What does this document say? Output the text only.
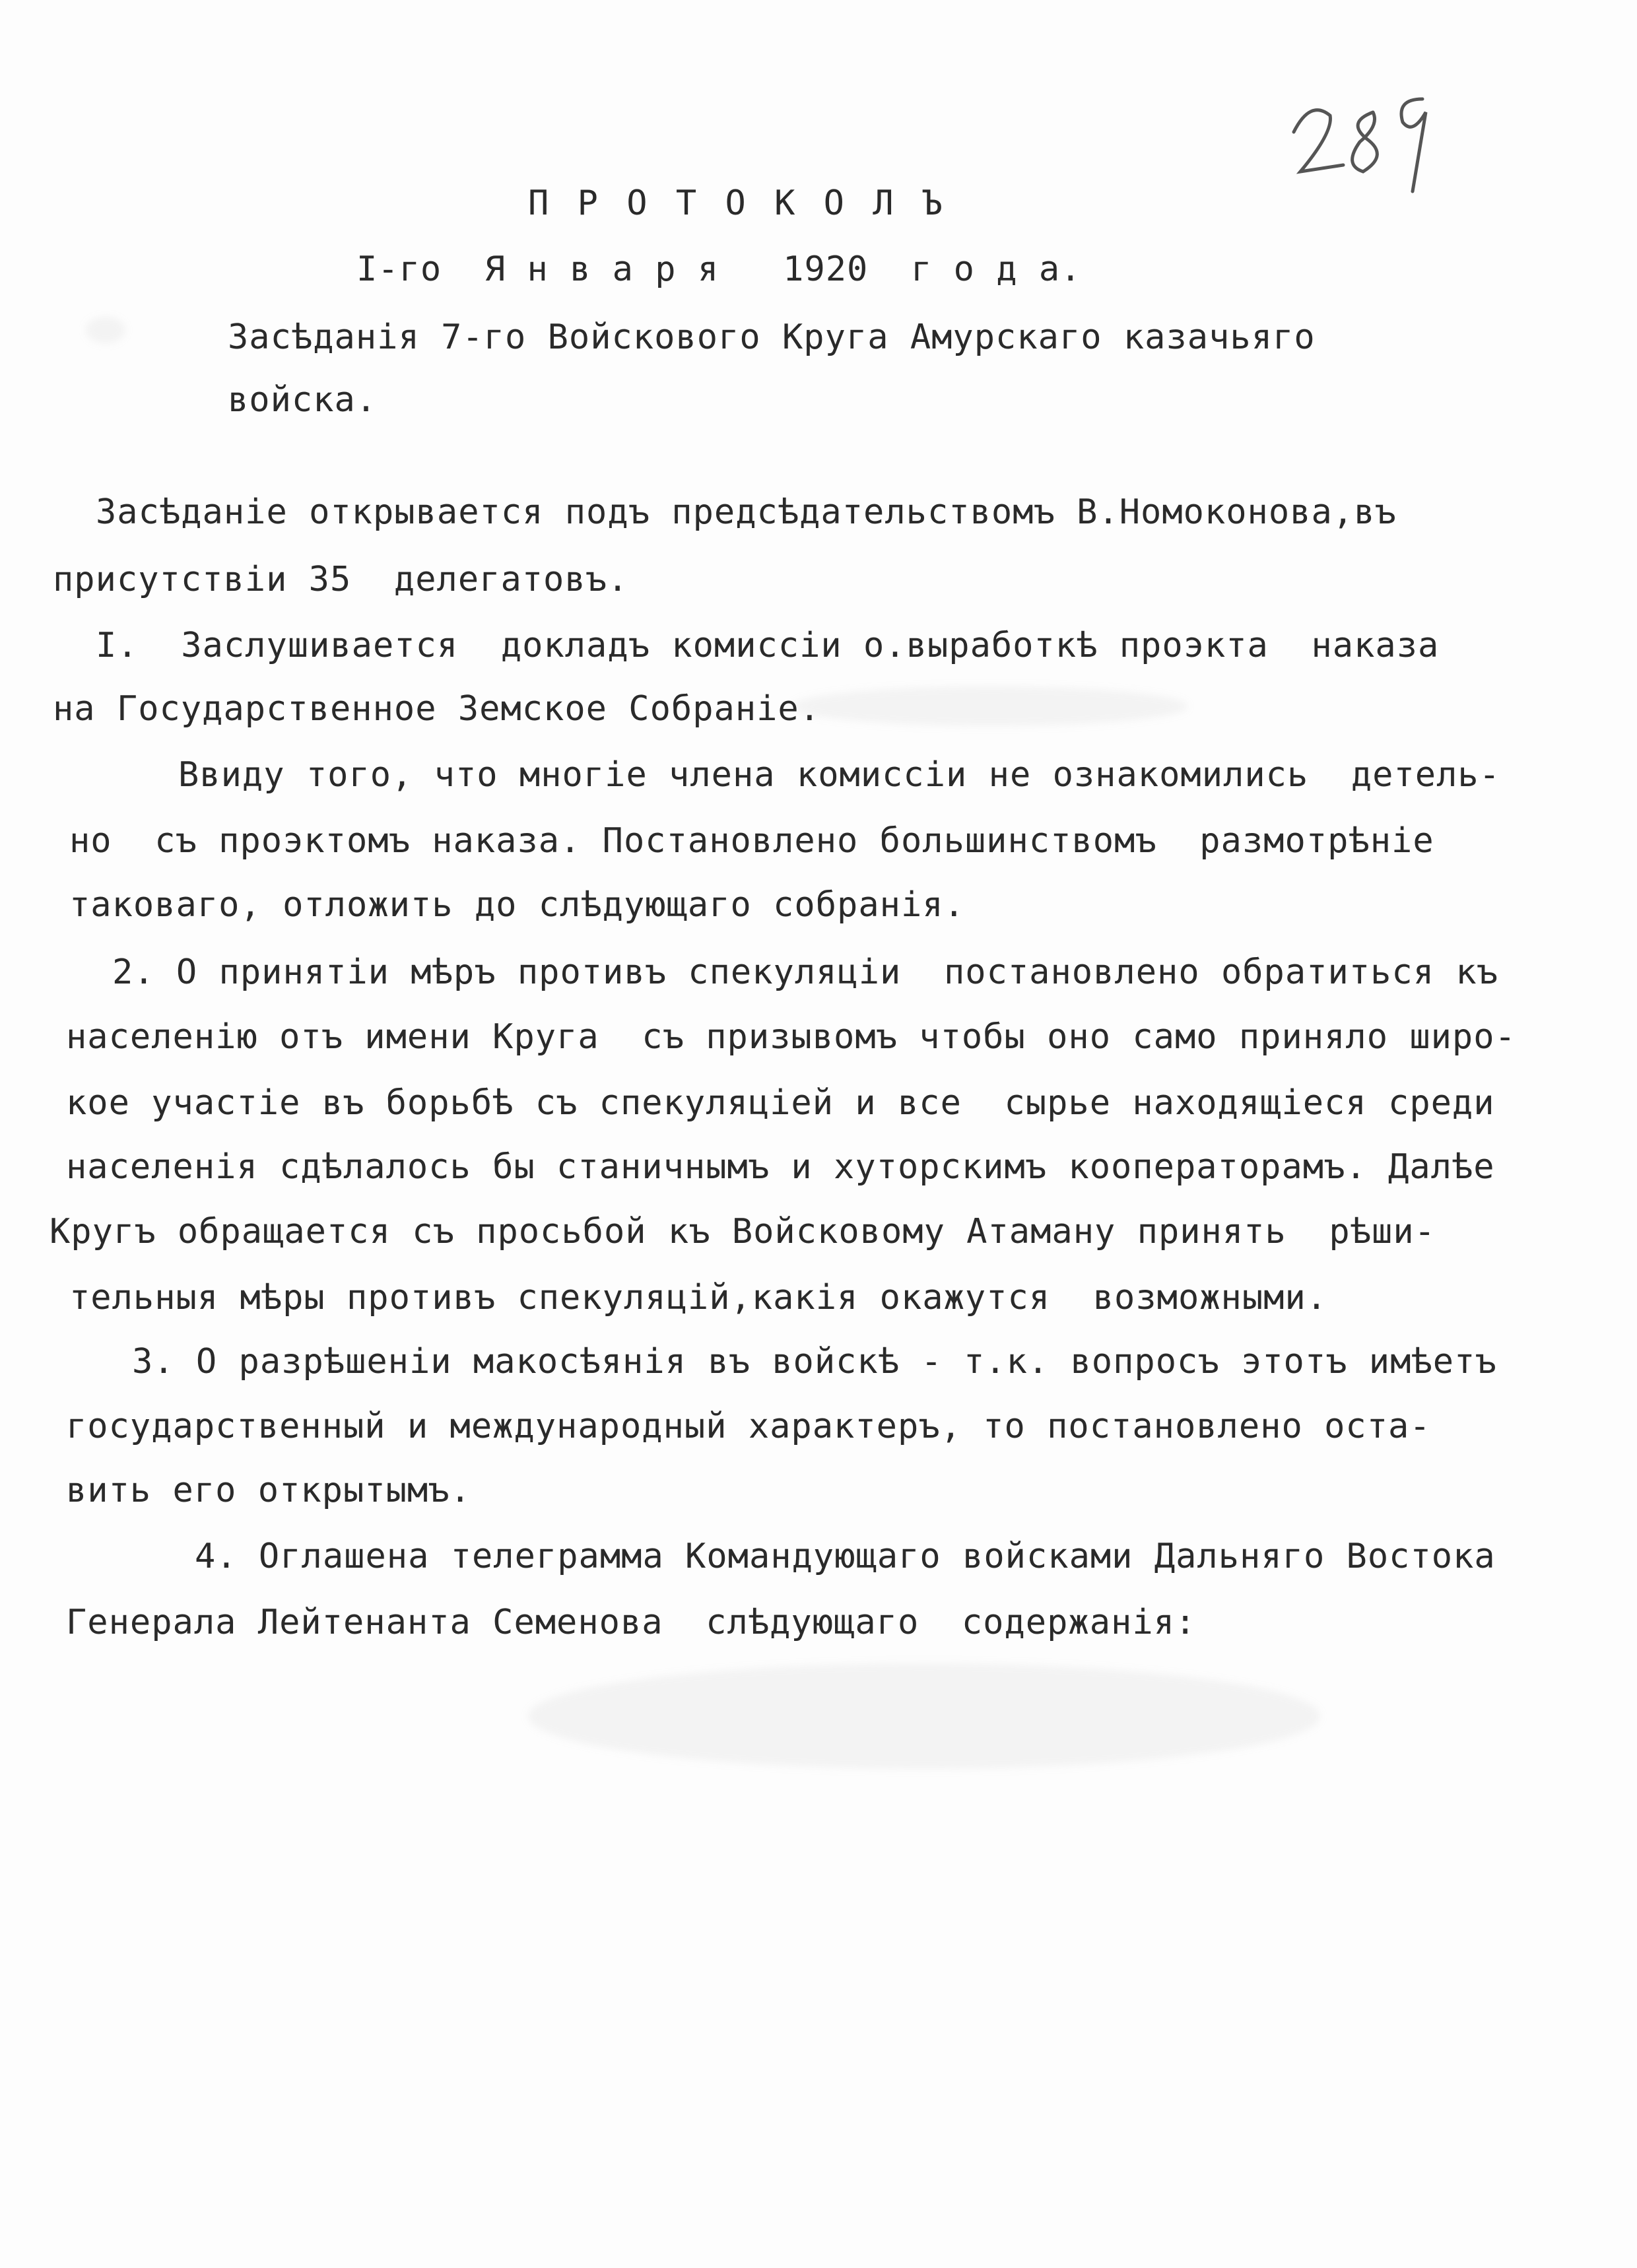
П Р О Т О К О Л Ъ
I-го  Я н в а р я   1920  г о д а.
Засѣданія 7-го Войскового Круга Амурскаго казачьяго
войска.
Засѣданіе открывается подъ предсѣдательствомъ В.Номоконова,въ
присутствіи 35  делегатовъ.
I.  Заслушивается  докладъ комиссіи о.выработкѣ проэкта  наказа
на Государственное Земское Собраніе.
Ввиду того, что многіе члена комиссіи не ознакомились  детель-
но  съ проэктомъ наказа. Постановлено большинствомъ  размотрѣніе
таковаго, отложить до слѣдующаго собранія.
2. О принятіи мѣръ противъ спекуляціи  постановлено обратиться къ
населенію отъ имени Круга  съ призывомъ чтобы оно само приняло широ-
кое участіе въ борьбѣ съ спекуляціей и все  сырье находящіеся среди
населенія сдѣлалось бы станичнымъ и хуторскимъ кооператорамъ. Далѣе
Кругъ обращается съ просьбой къ Войсковому Атаману принять  рѣши-
тельныя мѣры противъ спекуляцій,какія окажутся  возможными.
3. О разрѣшеніи макосѣянія въ войскѣ - т.к. вопросъ этотъ имѣетъ
государственный и международный характеръ, то постановлено оста-
вить его открытымъ.
4. Оглашена телеграмма Командующаго войсками Дальняго Востока
Генерала Лейтенанта Семенова  слѣдующаго  содержанія:
